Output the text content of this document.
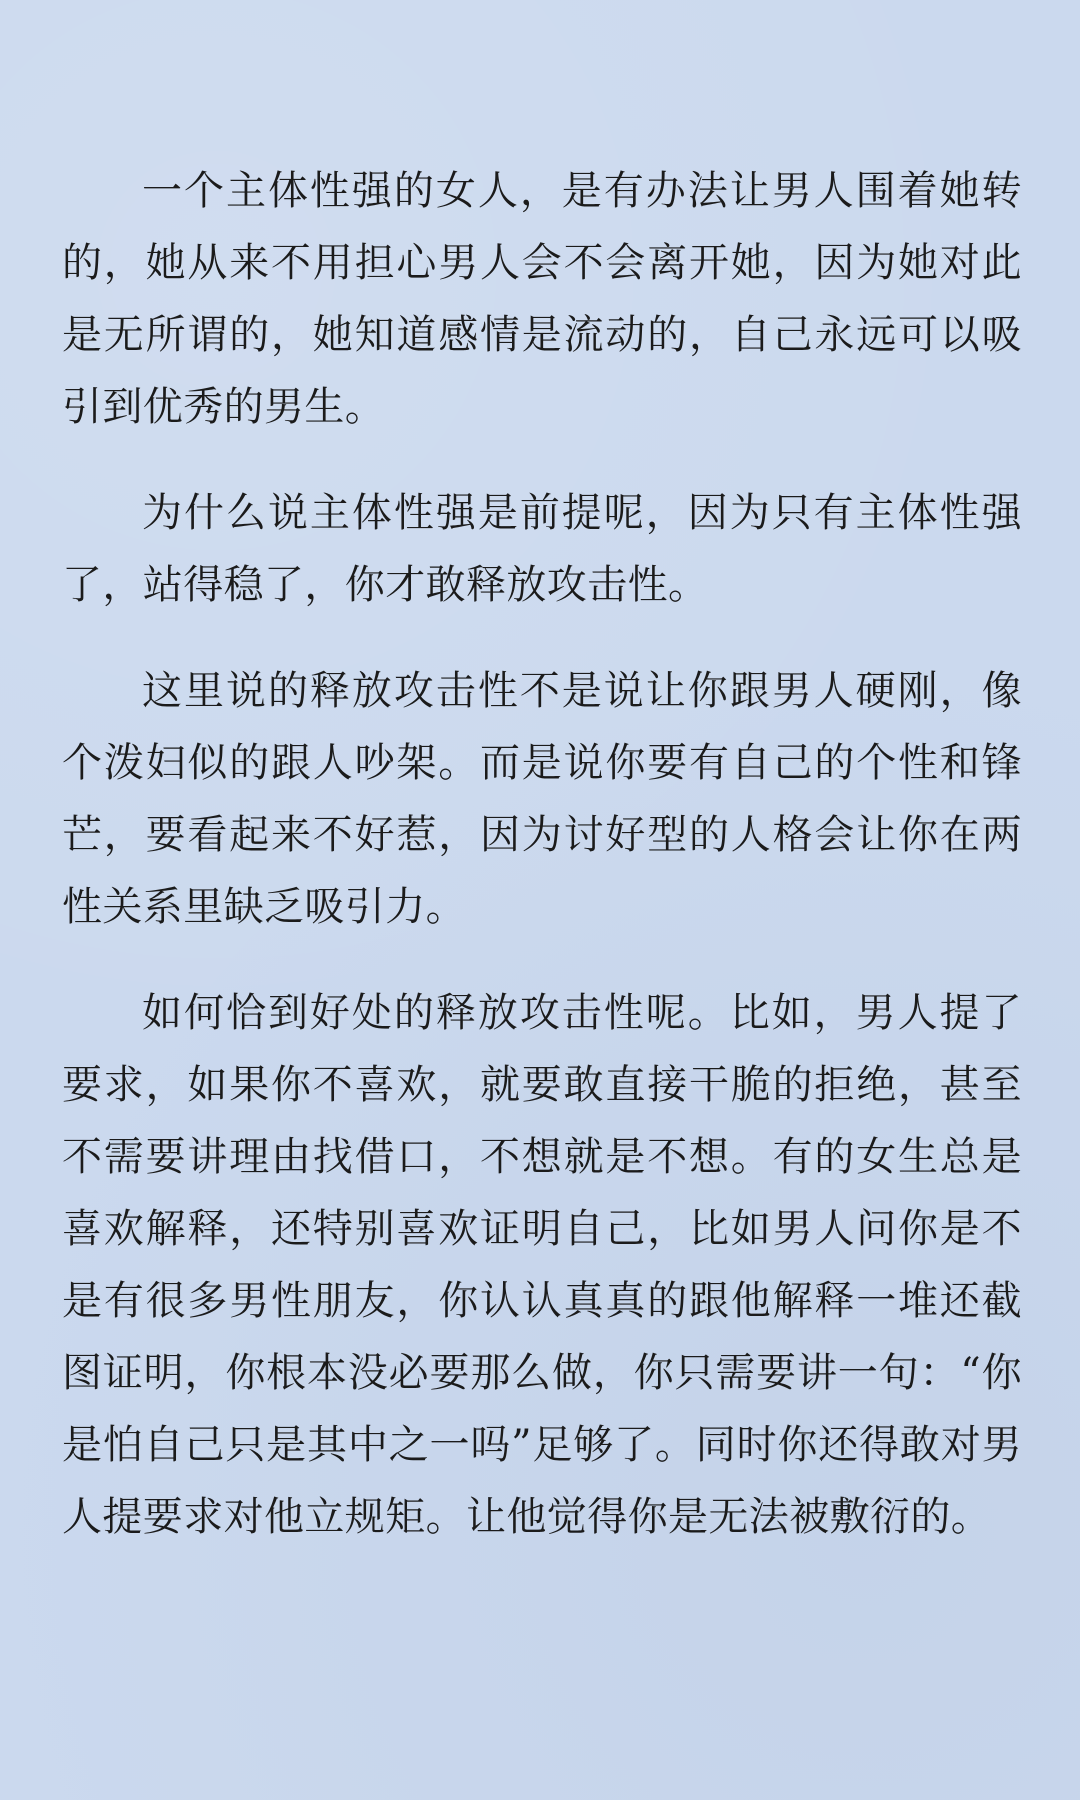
一个主体性强的女人，是有办法让男人围着她转的，她从来不用担心男人会不会离开她，因为她对此是无所谓的，她知道感情是流动的，自己永远可以吸引到优秀的男生。

为什么说主体性强是前提呢，因为只有主体性强了，站得稳了，你才敢释放攻击性。

这里说的释放攻击性不是说让你跟男人硬刚，像个泼妇似的跟人吵架。而是说你要有自己的个性和锋芒，要看起来不好惹，因为讨好型的人格会让你在两性关系里缺乏吸引力。

如何恰到好处的释放攻击性呢。比如，男人提了要求，如果你不喜欢，就要敢直接干脆的拒绝，甚至不需要讲理由找借口，不想就是不想。有的女生总是喜欢解释，还特别喜欢证明自己，比如男人问你是不是有很多男性朋友，你认认真真的跟他解释一堆还截图证明，你根本没必要那么做，你只需要讲一句：“你是怕自己只是其中之一吗”足够了。同时你还得敢对男人提要求对他立规矩。让他觉得你是无法被敷衍的。
